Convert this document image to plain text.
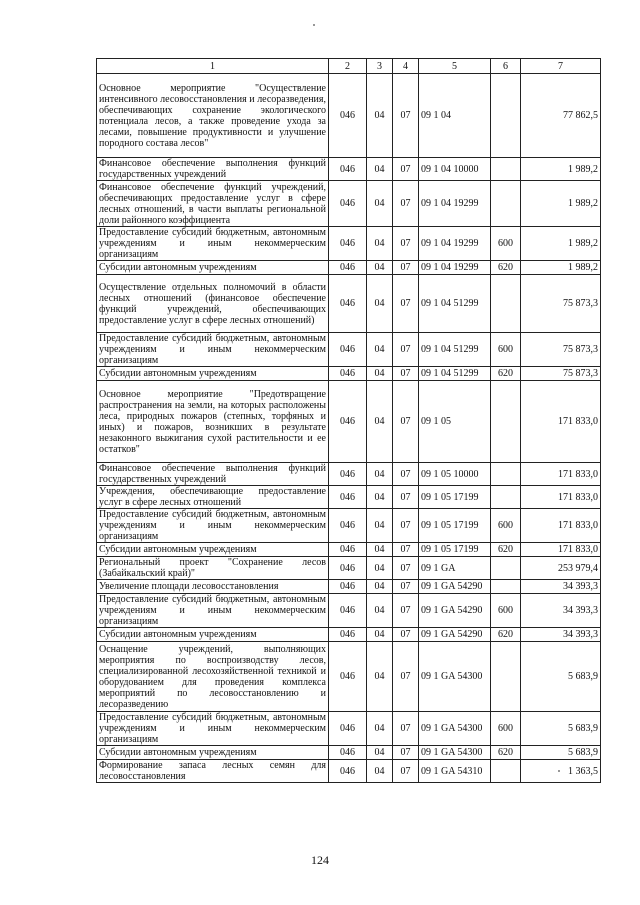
1	2	3	4	5	6	7
Основное мероприятие "Осуществление интенсивного лесовосстановления и лесоразведения, обеспечивающих сохранение экологического потенциала лесов, а также проведение ухода за лесами, повышение продуктивности и улучшение породного состава лесов"	046	04	07	09 1 04		77 862,5
Финансовое обеспечение выполнения функций государственных учреждений	046	04	07	09 1 04 10000		1 989,2
Финансовое обеспечение функций учреждений, обеспечивающих предоставление услуг в сфере лесных отношений, в части выплаты региональной доли районного коэффициента	046	04	07	09 1 04 19299		1 989,2
Предоставление субсидий бюджетным, автономным учреждениям и иным некоммерческим организациям	046	04	07	09 1 04 19299	600	1 989,2
Субсидии автономным учреждениям	046	04	07	09 1 04 19299	620	1 989,2
Осуществление отдельных полномочий в области лесных отношений (финансовое обеспечение функций учреждений, обеспечивающих предоставление услуг в сфере лесных отношений)	046	04	07	09 1 04 51299		75 873,3
Предоставление субсидий бюджетным, автономным учреждениям и иным некоммерческим организациям	046	04	07	09 1 04 51299	600	75 873,3
Субсидии автономным учреждениям	046	04	07	09 1 04 51299	620	75 873,3
Основное мероприятие "Предотвращение распространения на земли, на которых расположены леса, природных пожаров (степных, торфяных и иных) и пожаров, возникших в результате незаконного выжигания сухой растительности и ее остатков"	046	04	07	09 1 05		171 833,0
Финансовое обеспечение выполнения функций государственных учреждений	046	04	07	09 1 05 10000		171 833,0
Учреждения, обеспечивающие предоставление услуг в сфере лесных отношений	046	04	07	09 1 05 17199		171 833,0
Предоставление субсидий бюджетным, автономным учреждениям и иным некоммерческим организациям	046	04	07	09 1 05 17199	600	171 833,0
Субсидии автономным учреждениям	046	04	07	09 1 05 17199	620	171 833,0
Региональный проект "Сохранение лесов (Забайкальский край)"	046	04	07	09 1 GA		253 979,4
Увеличение площади лесовосстановления	046	04	07	09 1 GA 54290		34 393,3
Предоставление субсидий бюджетным, автономным учреждениям и иным некоммерческим организациям	046	04	07	09 1 GA 54290	600	34 393,3
Субсидии автономным учреждениям	046	04	07	09 1 GA 54290	620	34 393,3
Оснащение учреждений, выполняющих мероприятия по воспроизводству лесов, специализированной лесохозяйственной техникой и оборудованием для проведения комплекса мероприятий по лесовосстановлению и лесоразведению	046	04	07	09 1 GA 54300		5 683,9
Предоставление субсидий бюджетным, автономным учреждениям и иным некоммерческим организациям	046	04	07	09 1 GA 54300	600	5 683,9
Субсидии автономным учреждениям	046	04	07	09 1 GA 54300	620	5 683,9
Формирование запаса лесных семян для лесовосстановления	046	04	07	09 1 GA 54310		1 363,5
124
